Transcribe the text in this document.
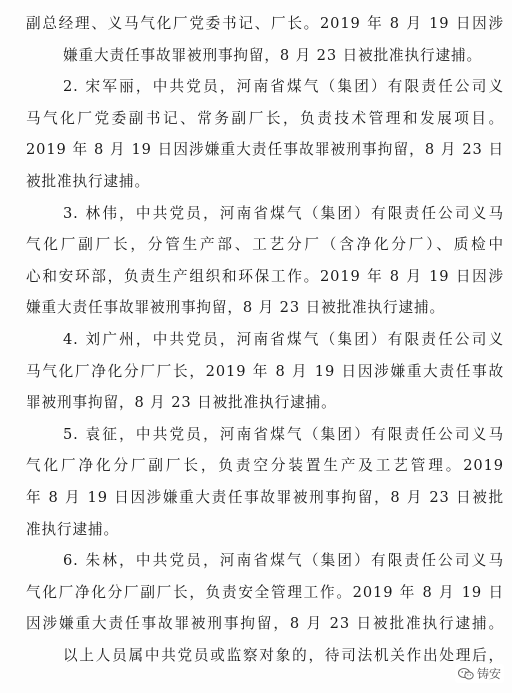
副总经理、义马气化厂党委书记、厂长。2019 年 8 月 19 日因涉
嫌重大责任事故罪被刑事拘留，8 月 23 日被批准执行逮捕。
2. 宋军丽，中共党员，河南省煤气（集团）有限责任公司义
马气化厂党委副书记、常务副厂长，负责技术管理和发展项目。
2019 年 8 月 19 日因涉嫌重大责任事故罪被刑事拘留，8 月 23 日
被批准执行逮捕。
3. 林伟，中共党员，河南省煤气（集团）有限责任公司义马
气化厂副厂长，分管生产部、工艺分厂（含净化分厂）、质检中
心和安环部，负责生产组织和环保工作。2019 年 8 月 19 日因涉
嫌重大责任事故罪被刑事拘留，8 月 23 日被批准执行逮捕。
4. 刘广州，中共党员，河南省煤气（集团）有限责任公司义
马气化厂净化分厂厂长，2019 年 8 月 19 日因涉嫌重大责任事故
罪被刑事拘留，8 月 23 日被批准执行逮捕。
5. 袁征，中共党员，河南省煤气（集团）有限责任公司义马
气化厂净化分厂副厂长，负责空分装置生产及工艺管理。2019
年 8 月 19 日因涉嫌重大责任事故罪被刑事拘留，8 月 23 日被批
准执行逮捕。
6. 朱林，中共党员，河南省煤气（集团）有限责任公司义马
气化厂净化分厂副厂长，负责安全管理工作。2019 年 8 月 19 日
因涉嫌重大责任事故罪被刑事拘留，8 月 23 日被批准执行逮捕。
以上人员属中共党员或监察对象的，待司法机关作出处理后，
铸安
